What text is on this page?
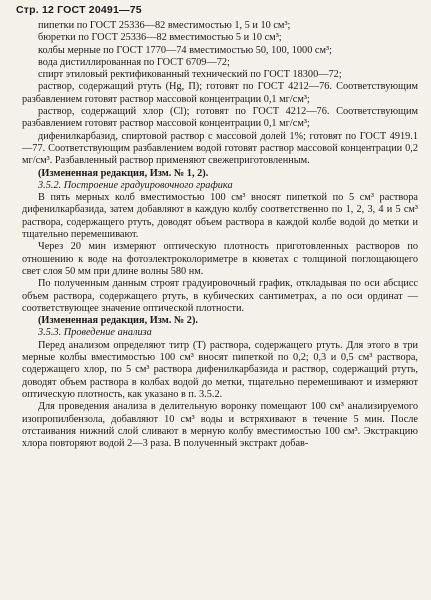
Стр. 12 ГОСТ 20491—75

пипетки по ГОСТ 25336—82 вместимостью 1, 5 и 10 см³;

бюретки по ГОСТ 25336—82 вместимостью 5 и 10 см³;

колбы мерные по ГОСТ 1770—74 вместимостью 50, 100, 1000 см³;

вода дистиллированная по ГОСТ 6709—72;

спирт этиловый ректификованный технический по ГОСТ 18300—72;

раствор, содержащий ртуть (Hg, П); готовят по ГОСТ 4212—76. Соответствующим разбавлением готовят раствор массовой концентрации 0,1 мг/см³;

раствор, содержащий хлор (Cl); готовят по ГОСТ 4212—76. Соответствующим разбавлением готовят раствор массовой концентрации 0,1 мг/см³;

дифенилкарбазид, спиртовой раствор с массовой долей 1%; готовят по ГОСТ 4919.1—77. Соответствующим разбавлением водой готовят раствор массовой концентрации 0,2 мг/см³. Разбавленный раствор применяют свежеприготовленным.

(Измененная редакция, Изм. № 1, 2).

3.5.2. Построение градуировочного графика

В пять мерных колб вместимостью 100 см³ вносят пипеткой по 5 см³ раствора дифенилкарбазида, затем добавляют в каждую колбу соответственно по 1, 2, 3, 4 и 5 см³ раствора, содержащего ртуть, доводят объем раствора в каждой колбе водой до метки и тщательно перемешивают.

Через 20 мин измеряют оптическую плотность приготовленных растворов по отношению к воде на фотоэлектроколориметре в кюветах с толщиной поглощающего свет слоя 50 мм при длине волны 580 нм.

По полученным данным строят градуировочный график, откладывая по оси абсцисс объем раствора, содержащего ртуть, в кубических сантиметрах, а по оси ординат — соответствующее значение оптической плотности.

(Измененная редакция, Изм. № 2).

3.5.3. Проведение анализа

Перед анализом определяют титр (T) раствора, содержащего ртуть. Для этого в три мерные колбы вместимостью 100 см³ вносят пипеткой по 0,2; 0,3 и 0,5 см³ раствора, содержащего хлор, по 5 см³ раствора дифенилкарбазида и раствор, содержащий ртуть, доводят объем раствора в колбах водой до метки, тщательно перемешивают и измеряют оптическую плотность, как указано в п. 3.5.2.

Для проведения анализа в делительную воронку помещают 100 см³ анализируемого изопропилбензола, добавляют 10 см³ воды и встряхивают в течение 5 мин. После отстаивания нижний слой сливают в мерную колбу вместимостью 100 см³. Экстракцию хлора повторяют водой 2—3 раза. В полученный экстракт добав-
